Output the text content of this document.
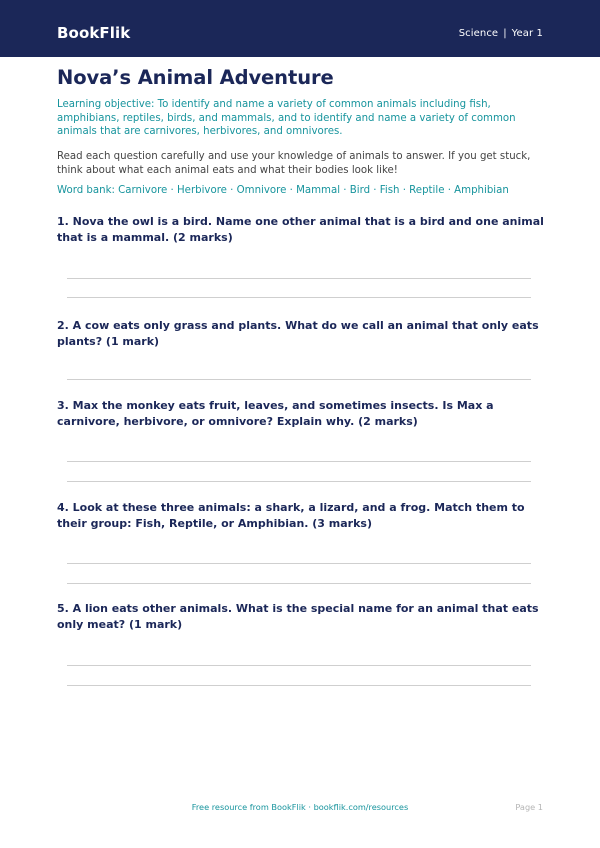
BookFlik	Science | Year 1
Nova’s Animal Adventure
Learning objective: To identify and name a variety of common animals including fish, amphibians, reptiles, birds, and mammals, and to identify and name a variety of common animals that are carnivores, herbivores, and omnivores.
Read each question carefully and use your knowledge of animals to answer. If you get stuck, think about what each animal eats and what their bodies look like!
Word bank: Carnivore · Herbivore · Omnivore · Mammal · Bird · Fish · Reptile · Amphibian
1. Nova the owl is a bird. Name one other animal that is a bird and one animal that is a mammal. (2 marks)
2. A cow eats only grass and plants. What do we call an animal that only eats plants? (1 mark)
3. Max the monkey eats fruit, leaves, and sometimes insects. Is Max a carnivore, herbivore, or omnivore? Explain why. (2 marks)
4. Look at these three animals: a shark, a lizard, and a frog. Match them to their group: Fish, Reptile, or Amphibian. (3 marks)
5. A lion eats other animals. What is the special name for an animal that eats only meat? (1 mark)
Free resource from BookFlik · bookflik.com/resources	Page 1
